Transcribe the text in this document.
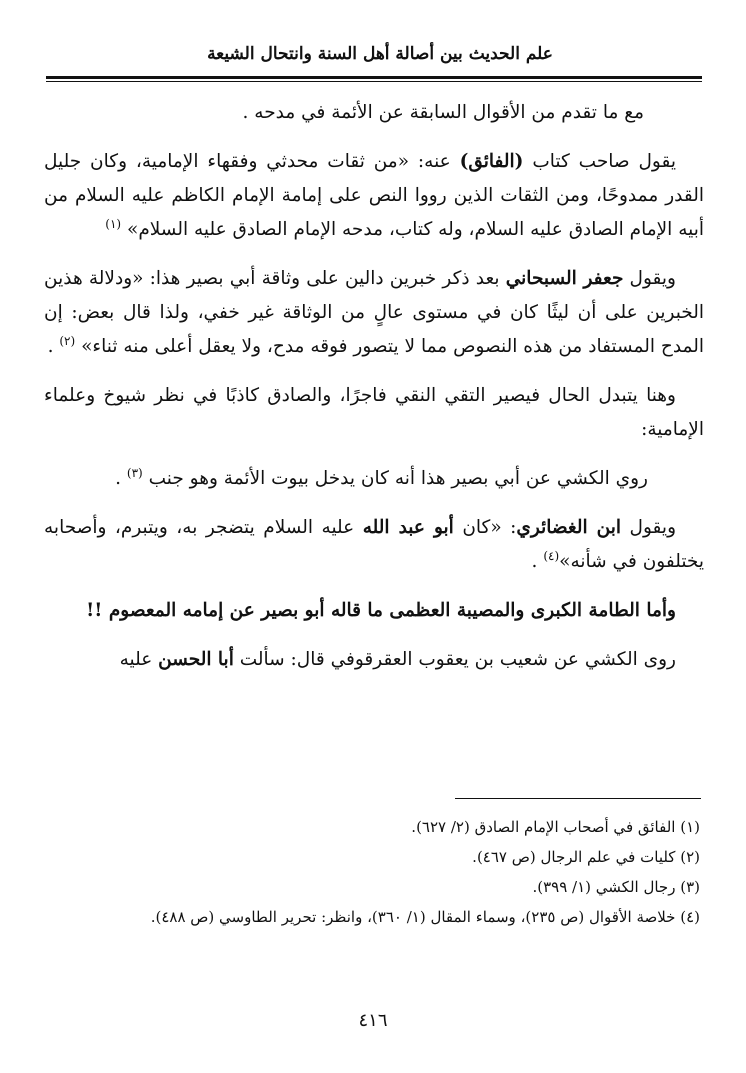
علم الحديث بين أصالة أهل السنة وانتحال الشيعة

مع ما تقدم من الأقوال السابقة عن الأئمة في مدحه .

يقول صاحب كتاب (الفائق) عنه: «من ثقات محدثي وفقهاء الإمامية، وكان جليل القدر ممدوحًا، ومن الثقات الذين رووا النص على إمامة الإمام الكاظم عليه السلام من أبيه الإمام الصادق عليه السلام، وله كتاب، مدحه الإمام الصادق عليه السلام» $^{(١)}$

ويقول جعفر السبحاني بعد ذكر خبرين دالين على وثاقة أبي بصير هذا: «ودلالة هذين الخبرين على أن ليثًا كان في مستوى عالٍ من الوثاقة غير خفي، ولذا قال بعض: إن المدح المستفاد من هذه النصوص مما لا يتصور فوقه مدح، ولا يعقل أعلى منه ثناء» $^{(٢)}$ .

وهنا يتبدل الحال فيصير التقي النقي فاجرًا، والصادق كاذبًا في نظر شيوخ وعلماء الإمامية:

روي الكشي عن أبي بصير هذا أنه كان يدخل بيوت الأئمة وهو جنب $^{(٣)}$ .

ويقول ابن الغضائري: «كان أبو عبد الله عليه السلام يتضجر به، ويتبرم، وأصحابه يختلفون في شأنه»$^{(٤)}$ .

وأما الطامة الكبرى والمصيبة العظمى ما قاله أبو بصير عن إمامه المعصوم !!

روى الكشي عن شعيب بن يعقوب العقرقوفي قال: سألت أبا الحسن عليه

(١) الفائق في أصحاب الإمام الصادق (٢/ ٦٢٧).
(٢) كليات في علم الرجال (ص ٤٦٧).
(٣) رجال الكشي (١/ ٣٩٩).
(٤) خلاصة الأقوال (ص ٢٣٥)، وسماء المقال (١/ ٣٦٠)، وانظر: تحرير الطاوسي (ص ٤٨٨).
٤١٦
